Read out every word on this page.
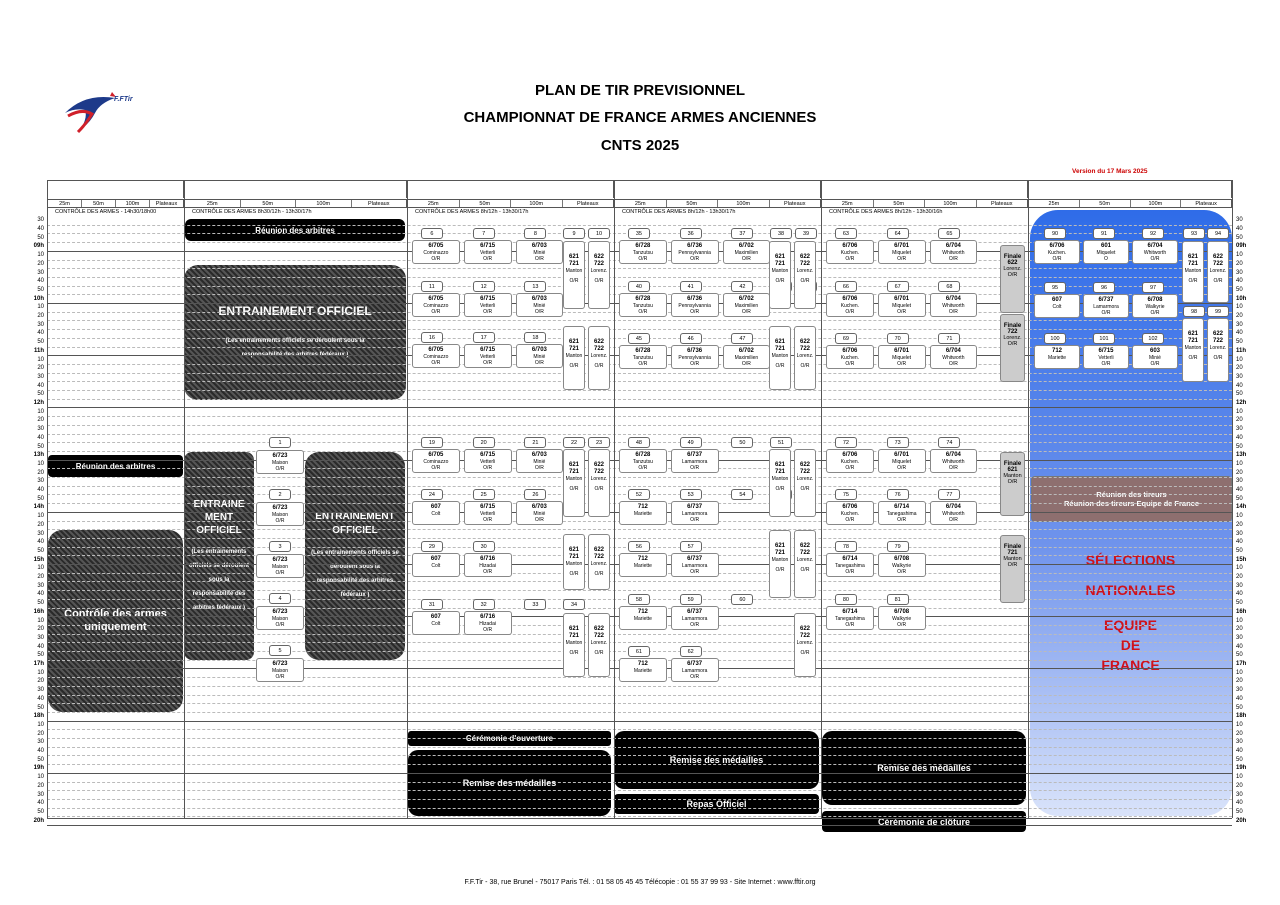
F.FTir
PLAN DE TIR PREVISIONNEL
CHAMPIONNAT DE FRANCE ARMES ANCIENNES
CNTS 2025
Version du 17 Mars 2025
Réunion des arbitres
Réunion des arbitres
ENTRAINEMENT OFFICIEL
(Les entrainements officiels se déroulent sous la responsabilité des arbitres fédéraux )
ENTRAINE MENT OFFICIEL
(Les entrainements officiels se déroulent sous la responsabilité des arbitres fédéraux )
ENTRAINEMENT OFFICIEL
(Les entrainements officiels se déroulent sous la responsabilité des arbitres fédéraux )
Contrôle des armes uniquement
Cérémonie d'ouverture
Remise des médailles
Remise des médailles
Repas Officiel
Remise des médailles
Cérémonie de clôture
Réunion des tireurs
Réunion des tireurs Equipe de France
SÉLECTIONS
NATIONALES
EQUIPE
DE
FRANCE
F.F.Tir - 38, rue Brunel - 75017 Paris Tél. : 01 58 05 45 45 Télécopie : 01 55 37 99 93 - Site Internet : www.fftir.org
30	30
40	40
50	50
09h	09h
10	10
20	20
30	30
40	40
50	50
10h	10h
10	10
20	20
30	30
40	40
50	50
11h	11h
10	10
20	20
30	30
40	40
50	50
12h	12h
10	10
20	20
30	30
40	40
50	50
13h	13h
10	10
20	20
30	30
40	40
50	50
14h	14h
10	10
20	20
30	30
40	40
50	50
15h	15h
10	10
20	20
30	30
40	40
50	50
16h	16h
10	10
20	20
30	30
40	40
50	50
17h	17h
10	10
20	20
30	30
40	40
50	50
18h	18h
10	10
20	20
30	30
40	40
50	50
19h	19h
10	10
20	20
30	30
40	40
50	50
20h	20h
25m	50m	100m	Plateaux
CONTRÔLE DES ARMES - 14h30/18h00
25m	50m	100m	Plateaux
CONTRÔLE DES ARMES 8h30/12h - 13h30/17h
25m	50m	100m	Plateaux
CONTRÔLE DES ARMES 8h/12h - 13h30/17h
25m	50m	100m	Plateaux
CONTRÔLE DES ARMES 8h/12h - 13h30/17h
25m	50m	100m	Plateaux
CONTRÔLE DES ARMES 8h/12h - 13h30/16h
25m	50m	100m	Plateaux
1
6/723
Maison
O/R
2
6/723
Maison
O/R
3
6/723
Maison
O/R
4
6/723
Maison
O/R
5
6/723
Maison
O/R
6
6/705
Cominazzo
O/R
7
6/715
Vetterli
O/R
8
6/703
Minié
O/R
9	10
11
6/705
Cominazzo
O/R
12
6/715
Vetterli
O/R
13
6/703
Minié
O/R
16
6/705
Cominazzo
O/R
17
6/715
Vetterli
O/R
18
6/703
Minié
O/R
19
6/705
Cominazzo
O/R
20
6/715
Vetterli
O/R
21
6/703
Minié
O/R
22	23
24
607
Colt
25
6/715
Vetterli
O/R
26
6/703
Minié
O/R
29
607
Colt
30
6/716
Hizadai
O/R
31
607
Colt
32
6/716
Hizadai
O/R
33	34
621
721
Manton
O/R
622
722
Lorenz.
O/R
621
721
Manton
O/R
622
722
Lorenz.
O/R
621
721
Manton
O/R
622
722
Lorenz.
O/R
621
721
Manton
O/R
622
722
Lorenz.
O/R
621
721
Manton
O/R
622
722
Lorenz.
O/R
35
6/728
Tanzutsu
O/R
36
6/736
Pennsylvannia
O/R
37
6/702
Maximilien
O/R
38	39
40
6/728
Tanzutsu
O/R
41
6/736
Pennsylvannia
O/R
42
6/702
Maximilien
O/R
45
6/728
Tanzutsu
O/R
46
6/736
Pennsylvannia
O/R
47
6/702
Maximilien
O/R
48
6/728
Tanzutsu
O/R
49
6/737
Lamarmora
O/R
50	51
52
712
Mariette
53
6/737
Lamarmora
O/R
54
56
712
Mariette
57
6/737
Lamarmora
O/R
58
712
Mariette
59
6/737
Lamarmora
O/R
60
61
712
Mariette
62
6/737
Lamarmora
O/R
621
721
Manton
O/R
622
722
Lorenz.
O/R
621
721
Manton
O/R
622
722
Lorenz.
O/R
621
721
Manton
O/R
622
722
Lorenz.
O/R
621
721
Manton
O/R
622
722
Lorenz.
O/R
622
722
Lorenz.
O/R
63
6/706
Kuchen.
O/R
64
6/701
Miquelet
O/R
65
6/704
Whitworth
O/R
66
6/706
Kuchen.
O/R
67
6/701
Miquelet
O/R
68
6/704
Whitworth
O/R
69
6/706
Kuchen.
O/R
70
6/701
Miquelet
O/R
71
6/704
Whitworth
O/R
72
6/706
Kuchen.
O/R
73
6/701
Miquelet
O/R
74
6/704
Whitworth
O/R
75
6/706
Kuchen.
O/R
76
6/714
Tanegashima
O/R
77
6/704
Whitworth
O/R
78
6/714
Tanegashima
O/R
79
6/708
Walkyrie
O/R
80
6/714
Tanegashima
O/R
81
6/708
Walkyrie
O/R
Finale
622
Lorenz.
O/R
Finale
722
Lorenz.
O/R
Finale
621
Manton
O/R
Finale
721
Manton
O/R
90
6/706
Kuchen.
O/R
91
601
Miquelet
O
92
6/704
Whitworth
O/R
95
607
Colt
96
6/737
Lamarmora
O/R
97
6/708
Walkyrie
O/R
100
712
Mariette
101
6/715
Vetterli
O/R
102
603
Minié
O/R
93	94
98	99
621
721
Manton
O/R
622
722
Lorenz.
O/R
621
721
Manton
O/R
622
722
Lorenz.
O/R
